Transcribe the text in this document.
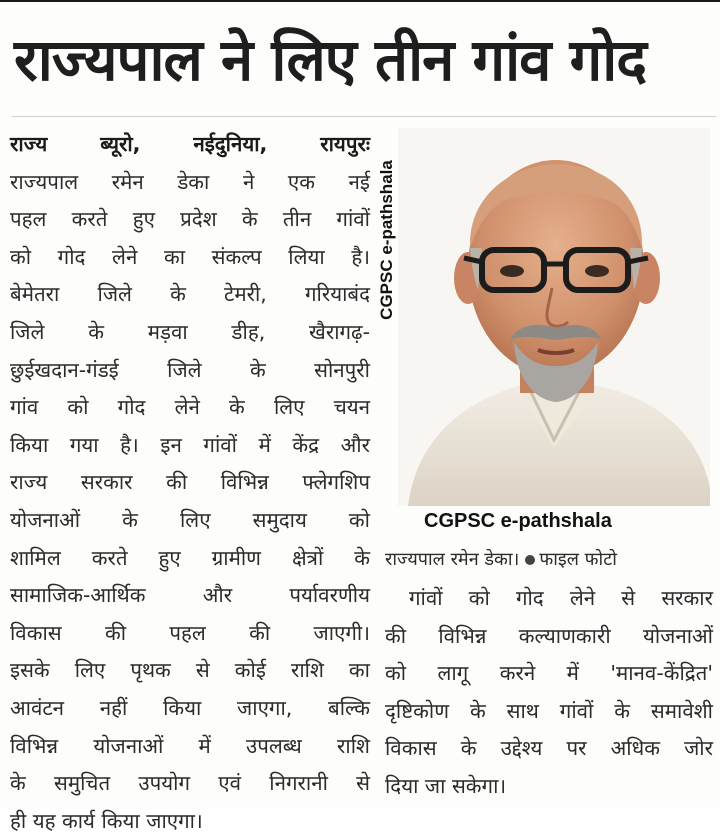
राज्यपाल ने लिए तीन गांव गोद
राज्य ब्यूरो, नईदुनिया, रायपुरः
राज्यपाल रमेन डेका ने एक नई
पहल करते हुए प्रदेश के तीन गांवों
को गोद लेने का संकल्प लिया है।
बेमेतरा जिले के टेमरी, गरियाबंद
जिले के मड़वा डीह, खैरागढ़-
छुईखदान-गंडई जिले के सोनपुरी
गांव को गोद लेने के लिए चयन
किया गया है। इन गांवों में केंद्र और
राज्य सरकार की विभिन्न फ्लेगशिप
योजनाओं के लिए समुदाय को
शामिल करते हुए ग्रामीण क्षेत्रों के
सामाजिक-आर्थिक और पर्यावरणीय
विकास की पहल की जाएगी।
इसके लिए पृथक से कोई राशि का
आवंटन नहीं किया जाएगा, बल्कि
विभिन्न योजनाओं में उपलब्ध राशि
के समुचित उपयोग एवं निगरानी से
ही यह कार्य किया जाएगा।
CGPSC e-pathshala
CGPSC e-pathshala
राज्यपाल रमेन डेका। फाइल फोटो
गांवों को गोद लेने से सरकार
की विभिन्न कल्याणकारी योजनाओं
को लागू करने में 'मानव-केंद्रित'
दृष्टिकोण के साथ गांवों के समावेशी
विकास के उद्देश्य पर अधिक जोर
दिया जा सकेगा।
